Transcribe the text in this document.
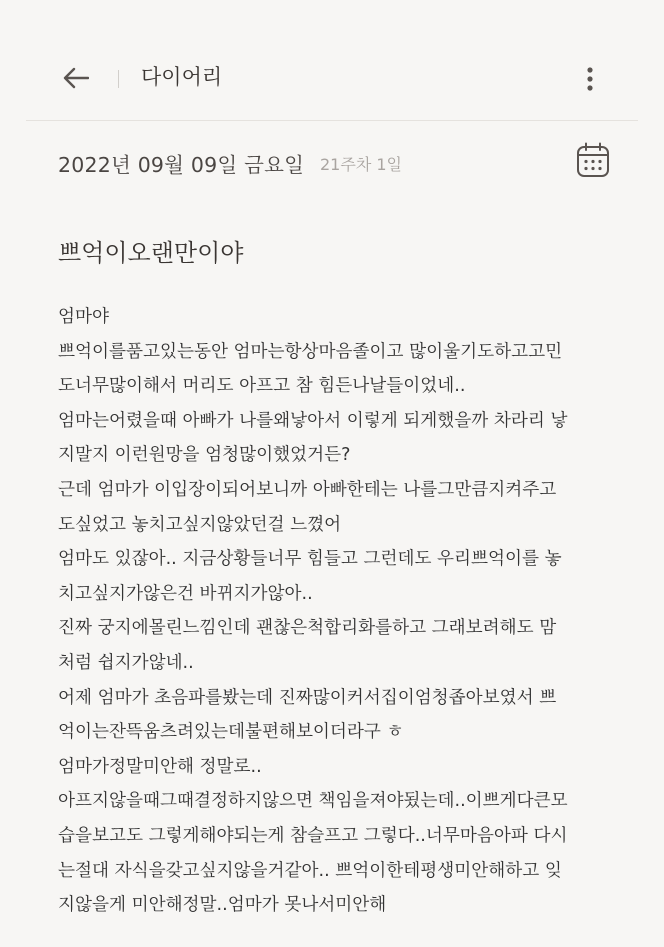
다이어리
2022년 09월 09일 금요일 21주차 1일
쁘억이오랜만이야
엄마야
쁘억이를품고있는동안 엄마는항상마음졸이고 많이울기도하고고민
도너무많이해서 머리도 아프고 참 힘든나날들이었네..
엄마는어렸을때 아빠가 나를왜낳아서 이렇게 되게했을까 차라리 낳
지말지 이런원망을 엄청많이했었거든?
근데 엄마가 이입장이되어보니까 아빠한테는 나를그만큼지켜주고
도싶었고 놓치고싶지않았던걸 느꼈어
엄마도 있잖아.. 지금상황들너무 힘들고 그런데도 우리쁘억이를 놓
치고싶지가않은건 바뀌지가않아..
진짜 궁지에몰린느낌인데 괜찮은척합리화를하고 그래보려해도 맘
처럼 쉽지가않네..
어제 엄마가 초음파를봤는데 진짜많이커서집이엄청좁아보였서 쁘
억이는잔뜩움츠려있는데불편해보이더라구 ㅎ
엄마가정말미안해 정말로..
아프지않을때그때결정하지않으면 책임을져야됬는데..이쁘게다큰모
습을보고도 그렇게해야되는게 참슬프고 그렇다..너무마음아파 다시
는절대 자식을갖고싶지않을거같아.. 쁘억이한테평생미안해하고 잊
지않을게 미안해정말..엄마가 못나서미안해
